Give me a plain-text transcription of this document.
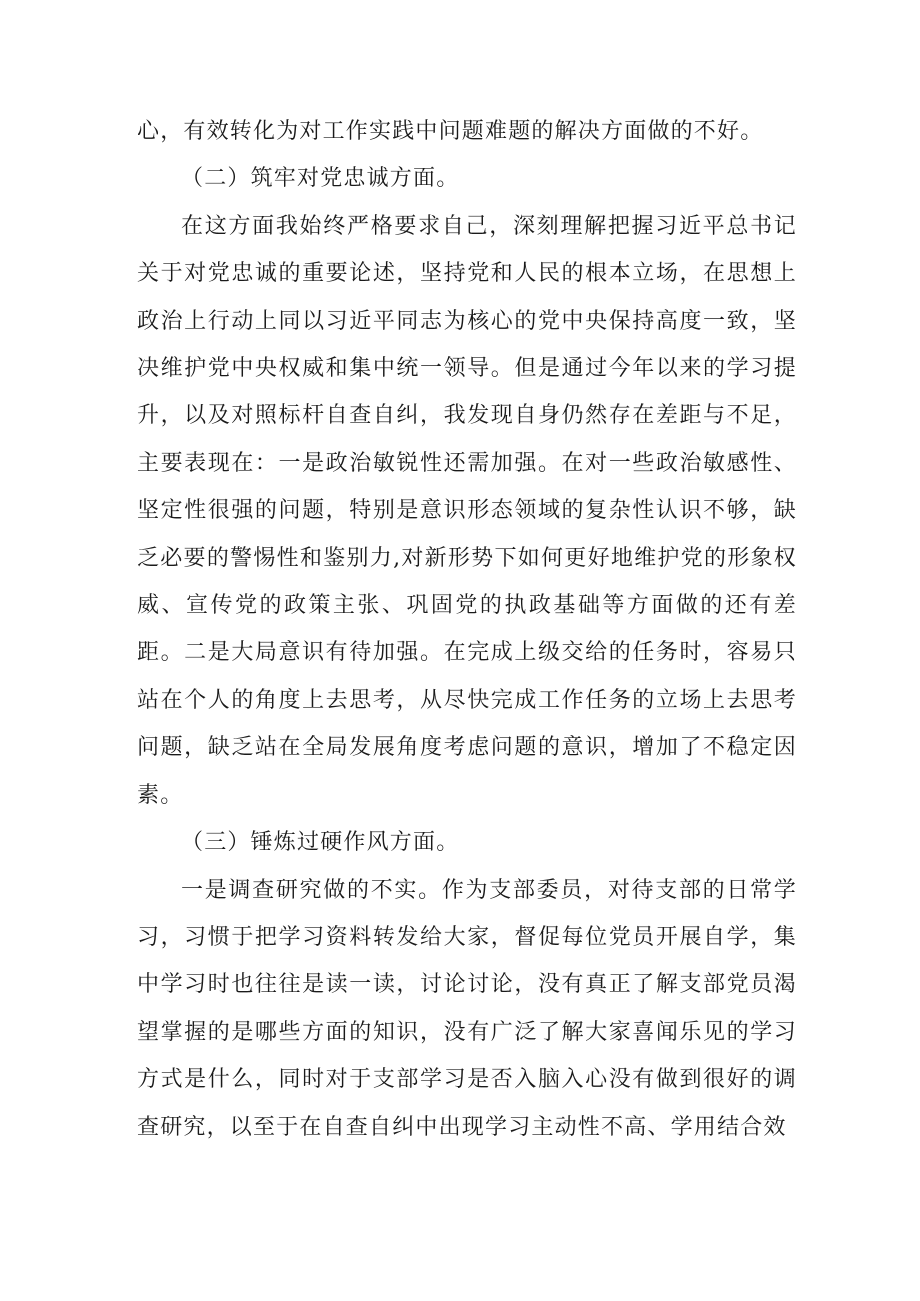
心，有效转化为对工作实践中问题难题的解决方面做的不好。

（二）筑牢对党忠诚方面。

在这方面我始终严格要求自己，深刻理解把握习近平总书记关于对党忠诚的重要论述，坚持党和人民的根本立场，在思想上政治上行动上同以习近平同志为核心的党中央保持高度一致，坚决维护党中央权威和集中统一领导。但是通过今年以来的学习提升，以及对照标杆自查自纠，我发现自身仍然存在差距与不足，主要表现在：一是政治敏锐性还需加强。在对一些政治敏感性、坚定性很强的问题，特别是意识形态领域的复杂性认识不够，缺乏必要的警惕性和鉴别力,对新形势下如何更好地维护党的形象权威、宣传党的政策主张、巩固党的执政基础等方面做的还有差距。二是大局意识有待加强。在完成上级交给的任务时，容易只站在个人的角度上去思考，从尽快完成工作任务的立场上去思考问题，缺乏站在全局发展角度考虑问题的意识，增加了不稳定因素。

（三）锤炼过硬作风方面。

一是调查研究做的不实。作为支部委员，对待支部的日常学习，习惯于把学习资料转发给大家，督促每位党员开展自学，集中学习时也往往是读一读，讨论讨论，没有真正了解支部党员渴望掌握的是哪些方面的知识，没有广泛了解大家喜闻乐见的学习方式是什么，同时对于支部学习是否入脑入心没有做到很好的调查研究，以至于在自查自纠中出现学习主动性不高、学用结合效
